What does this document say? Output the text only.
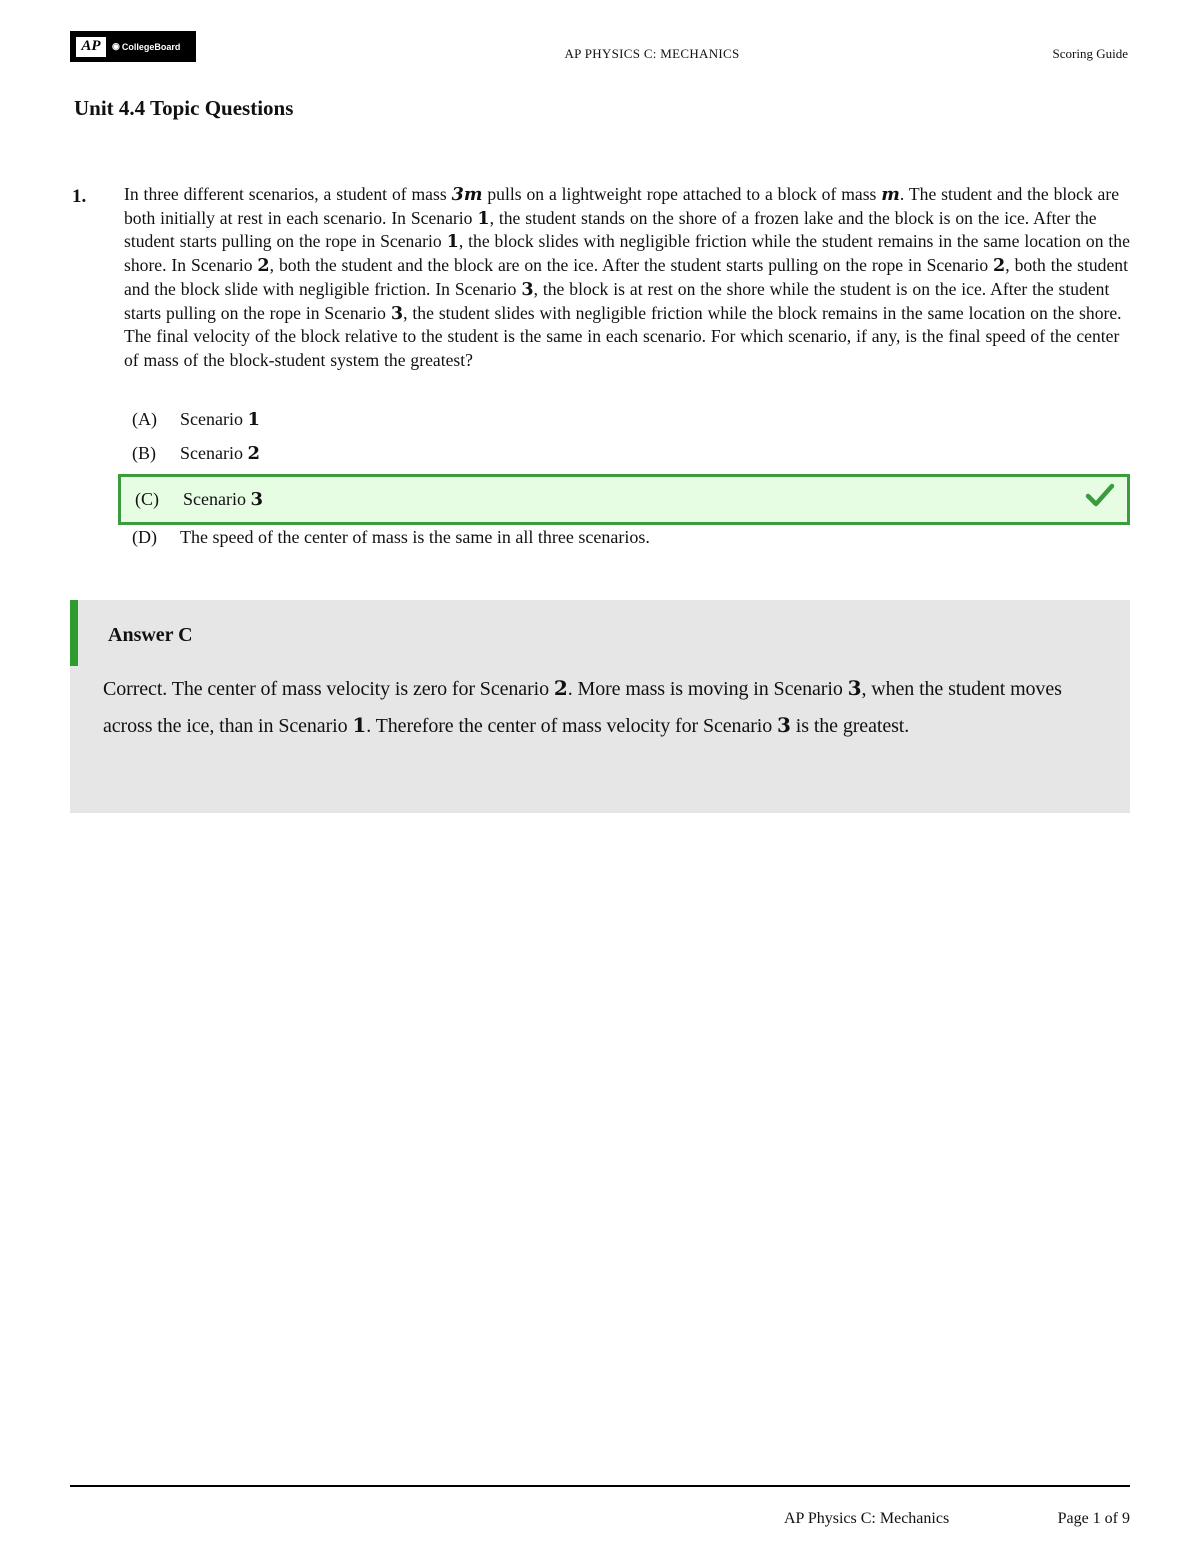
AP	◉ CollegeBoard	AP PHYSICS C: MECHANICS	Scoring Guide
Unit 4.4 Topic Questions
1. In three different scenarios, a student of mass 3m pulls on a lightweight rope attached to a block of mass m. The student and the block are both initially at rest in each scenario. In Scenario 1, the student stands on the shore of a frozen lake and the block is on the ice. After the student starts pulling on the rope in Scenario 1, the block slides with negligible friction while the student remains in the same location on the shore. In Scenario 2, both the student and the block are on the ice. After the student starts pulling on the rope in Scenario 2, both the student and the block slide with negligible friction. In Scenario 3, the block is at rest on the shore while the student is on the ice. After the student starts pulling on the rope in Scenario 3, the student slides with negligible friction while the block remains in the same location on the shore. The final velocity of the block relative to the student is the same in each scenario. For which scenario, if any, is the final speed of the center of mass of the block-student system the greatest?
(A)	Scenario 1
(B)	Scenario 2
(C)	Scenario 3
(D)	The speed of the center of mass is the same in all three scenarios.
Answer C
Correct. The center of mass velocity is zero for Scenario 2. More mass is moving in Scenario 3, when the student moves across the ice, than in Scenario 1. Therefore the center of mass velocity for Scenario 3 is the greatest.
AP Physics C: Mechanics	Page 1 of 9
